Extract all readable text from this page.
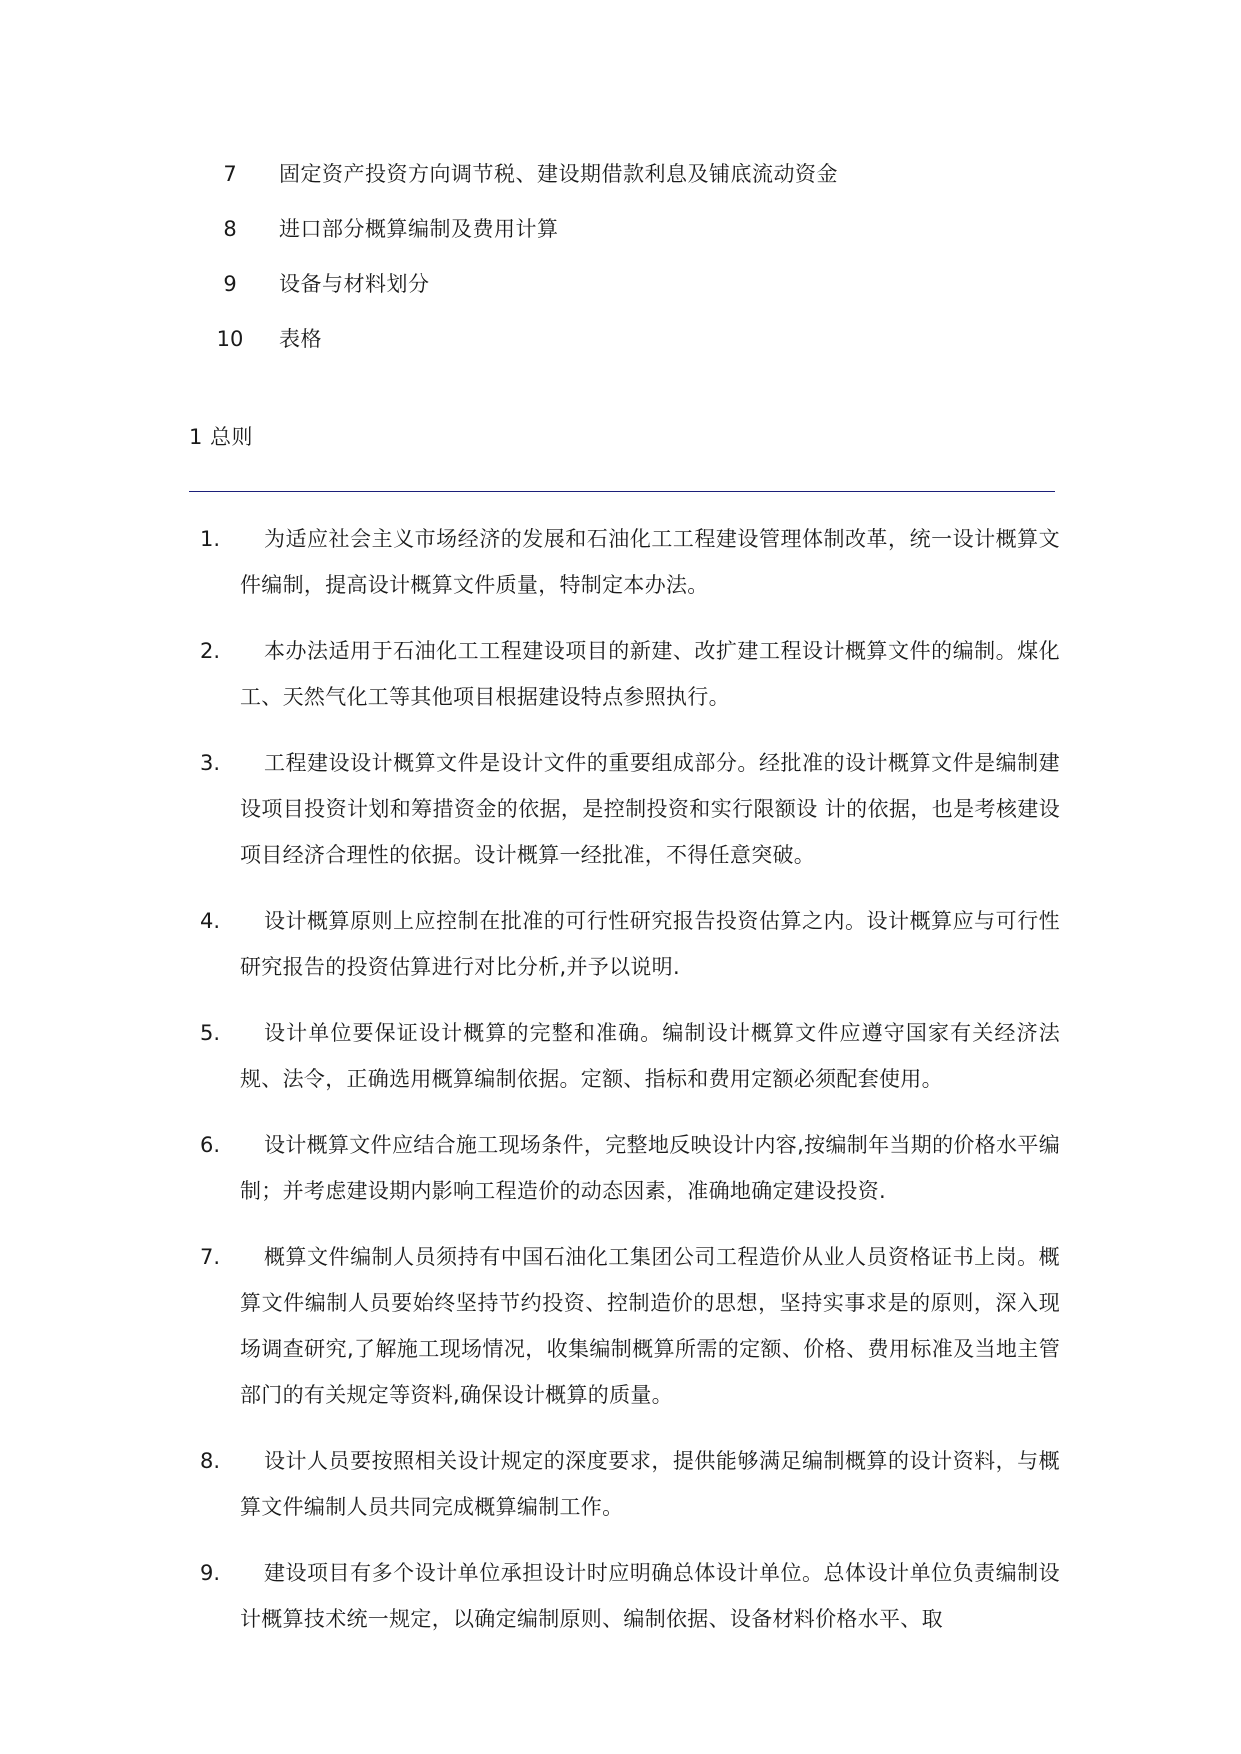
7	固定资产投资方向调节税、建设期借款利息及铺底流动资金
8	进口部分概算编制及费用计算
9	设备与材料划分
10	表格
1 总则
1.	为适应社会主义市场经济的发展和石油化工工程建设管理体制改革，统一设计概算文件编制，提高设计概算文件质量，特制定本办法。
2.	本办法适用于石油化工工程建设项目的新建、改扩建工程设计概算文件的编制。煤化工、天然气化工等其他项目根据建设特点参照执行。
3.	工程建设设计概算文件是设计文件的重要组成部分。经批准的设计概算文件是编制建设项目投资计划和筹措资金的依据，是控制投资和实行限额设 计的依据，也是考核建设项目经济合理性的依据。设计概算一经批准，不得任意突破。
4.	设计概算原则上应控制在批准的可行性研究报告投资估算之内。设计概算应与可行性研究报告的投资估算进行对比分析,并予以说明.
5.	设计单位要保证设计概算的完整和准确。编制设计概算文件应遵守国家有关经济法规、法令，正确选用概算编制依据。定额、指标和费用定额必须配套使用。
6.	设计概算文件应结合施工现场条件，完整地反映设计内容,按编制年当期的价格水平编制；并考虑建设期内影响工程造价的动态因素，准确地确定建设投资.
7.	概算文件编制人员须持有中国石油化工集团公司工程造价从业人员资格证书上岗。概算文件编制人员要始终坚持节约投资、控制造价的思想，坚持实事求是的原则，深入现场调查研究,了解施工现场情况，收集编制概算所需的定额、价格、费用标准及当地主管部门的有关规定等资料,确保设计概算的质量。
8.	设计人员要按照相关设计规定的深度要求，提供能够满足编制概算的设计资料，与概算文件编制人员共同完成概算编制工作。
9.	建设项目有多个设计单位承担设计时应明确总体设计单位。总体设计单位负责编制设计概算技术统一规定，以确定编制原则、编制依据、设备材料价格水平、取
